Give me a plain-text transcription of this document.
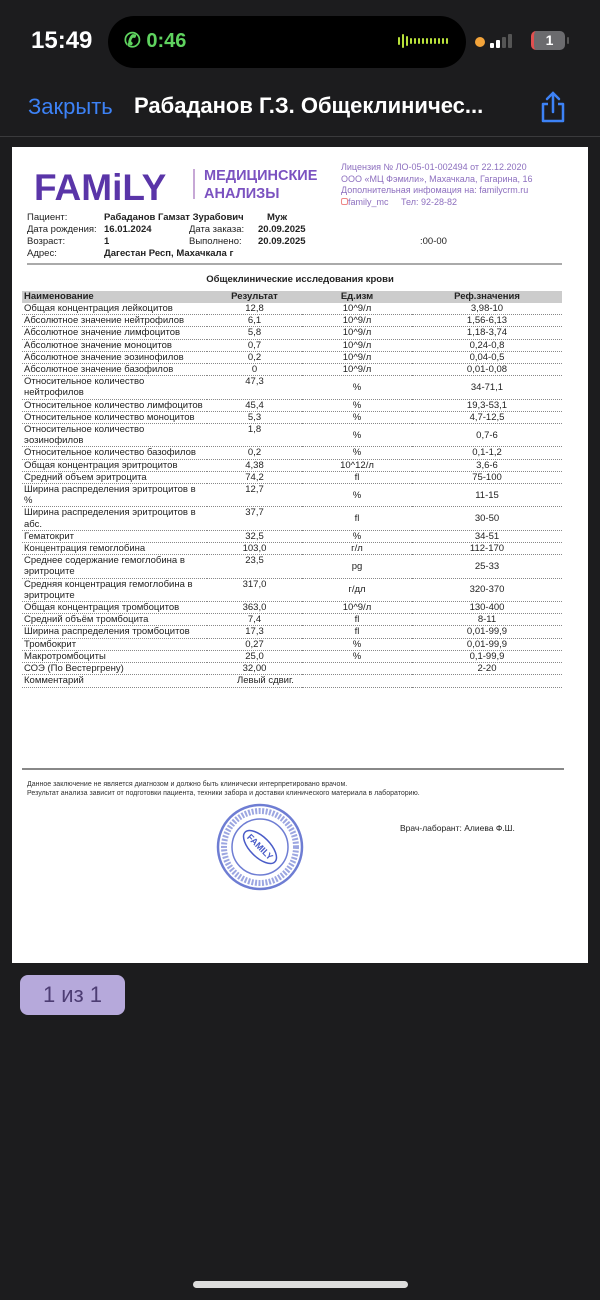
15:49 ✆ 0:46	1
Закрыть Рабаданов Г.З. Общеклиничес...
FAMiLY	МЕДИЦИНСКИЕ
АНАЛИЗЫ
Лицензия № ЛО-05-01-002494 от 22.12.2020
ООО «МЦ Фэмили», Махачкала, Гагарина, 16
Дополнительная инфомация на: familycrm.ru
family_mc Тел: 92-28-82
Пациент:	Рабаданов Гамзат Зурабович Муж
Дата рождения: 16.01.2024	Дата заказа: 20.09.2025
Возраст:	1	Выполнено: 20.09.2025	:00-00
Адрес:	Дагестан Респ, Махачкала г
Общеклинические исследования крови
Наименование	Результат	Ед.изм	Реф.значения
Общая концентрация лейкоцитов	12,8	10^9/л	3,98-10
Абсолютное значение нейтрофилов	6,1	10^9/л	1,56-6,13
Абсолютное значение лимфоцитов	5,8	10^9/л	1,18-3,74
Абсолютное значение моноцитов	0,7	10^9/л	0,24-0,8
Абсолютное значение эозинофилов	0,2	10^9/л	0,04-0,5
Абсолютное значение базофилов	0	10^9/л	0,01-0,08
Относительное количество нейтрофилов	47,3	%	34-71,1
Относительное количество лимфоцитов	45,4	%	19,3-53,1
Относительное количество моноцитов	5,3	%	4,7-12,5
Относительное количество эозинофилов	1,8	%	0,7-6
Относительное количество базофилов	0,2	%	0,1-1,2
Общая концентрация эритроцитов	4,38	10^12/л	3,6-6
Средний объем эритроцита	74,2	fl	75-100
Ширина распределения эритроцитов в %	12,7	%	11-15
Ширина распределения эритроцитов в абс.	37,7	fl	30-50
Гематокрит	32,5	%	34-51
Концентрация гемоглобина	103,0	г/л	112-170
Среднее содержание гемоглобина в эритроците	23,5	pg	25-33
Средняя концентрация гемоглобина в эритроците	317,0	г/дл	320-370
Общая концентрация тромбоцитов	363,0	10^9/л	130-400
Средний объём тромбоцита	7,4	fl	8-11
Ширина распределения тромбоцитов	17,3	fl	0,01-99,9
Тромбокрит	0,27	%	0,01-99,9
Макротромбоциты	25,0	%	0,1-99,9
СОЭ (По Вестергрену)	32,00		2-20
Комментарий	Левый сдвиг.		
Данное заключение не является диагнозом и должно быть клинически интерпретировано врачом.
Результат анализа зависит от подготовки пациента, техники забора и доставки клинического материала в лабораторию.
FAMILY
Врач-лаборант: Алиева Ф.Ш.
1 из 1
